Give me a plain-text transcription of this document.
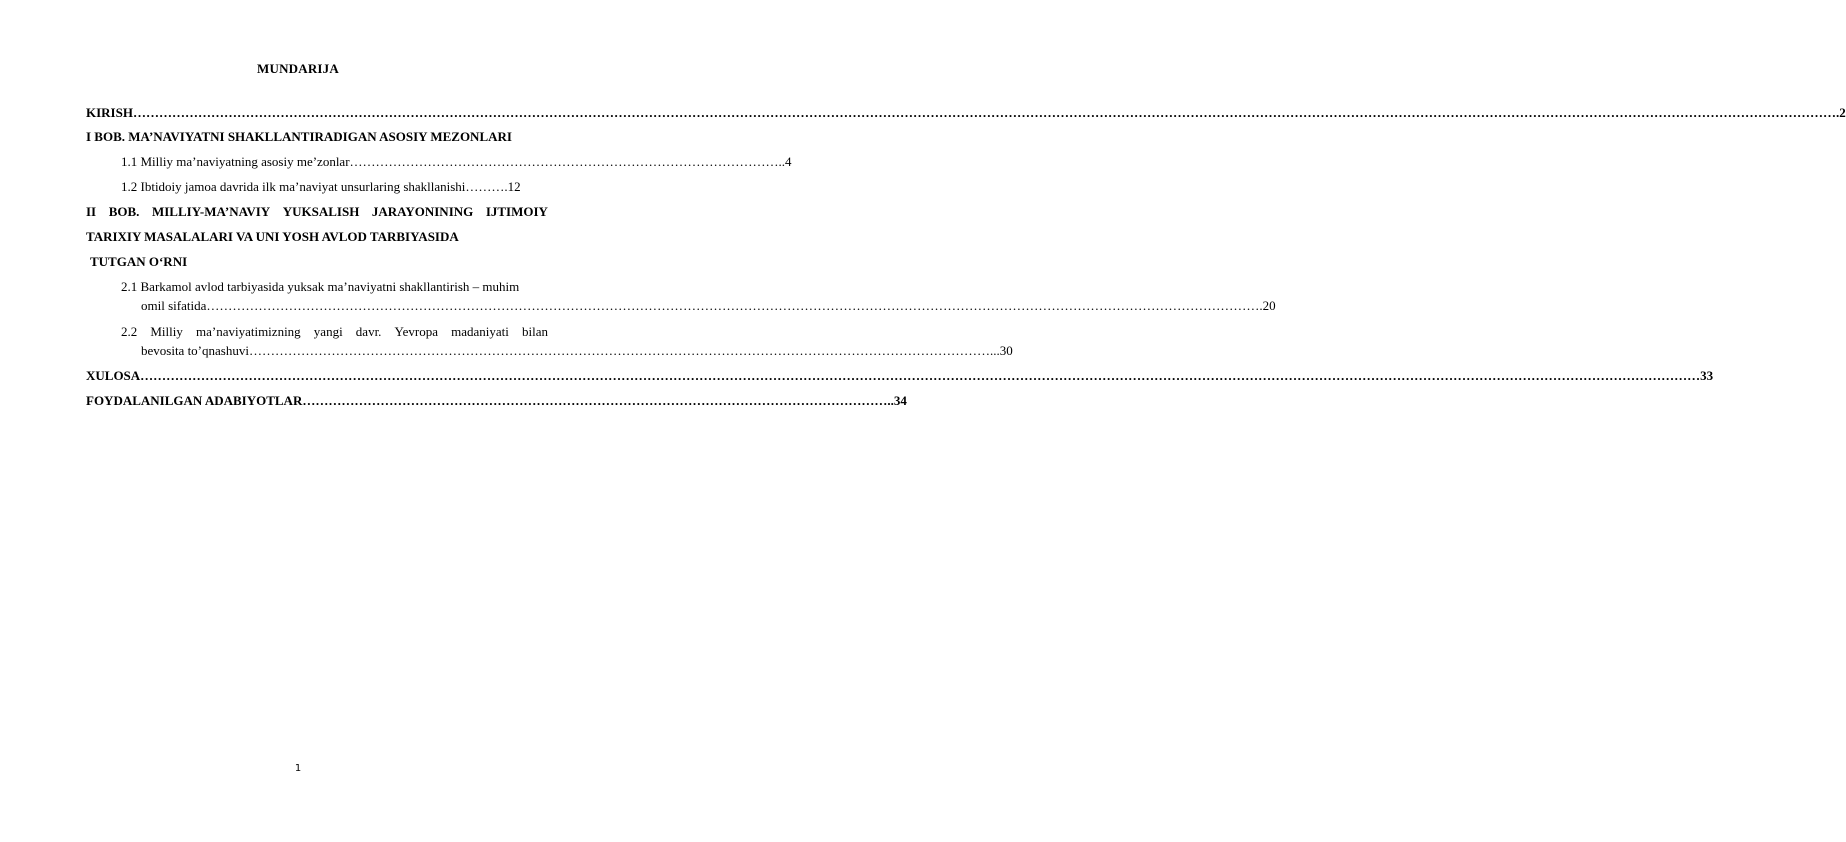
MUNDARIJA
KIRISH…………………………………………………………………………………………………………………………………………………………………………………………………………………………………………………………………………………………………………………………………………………………….2
I BOB. MA’NAVIYATNI SHAKLLANTIRADIGAN ASOSIY MEZONLARI
1.1 Milliy ma’naviyatning asosiy me’zonlar………………………………………………………………………………………..4
1.2 Ibtidoiy jamoa davrida ilk ma’naviyat unsurlaring shakllanishi……….12
II BOB. MILLIY-MA’NAVIY YUKSALISH JARAYONINING IJTIMOIY
TARIXIY MASALALARI VA UNI YOSH AVLOD TARBIYASIDA
TUTGAN O‘RNI
2.1 Barkamol avlod tarbiyasida yuksak ma’naviyatni shakllantirish – muhim
omil sifatida……………………………………………………………………………………………………………………………………………………………………………………………………………………….20
2.2 Milliy ma’naviyatimizning yangi davr. Yevropa madaniyati bilan
bevosita to’qnashuvi………………………………………………………………………………………………………………………………………………………...30
XULOSA………………………………………………………………………………………………………………………………………………………………………………………………………………………………………………………………………………………………………………………………33
FOYDALANILGAN ADABIYOTLAR………………………………………………………………………………………………………………………..34
1
